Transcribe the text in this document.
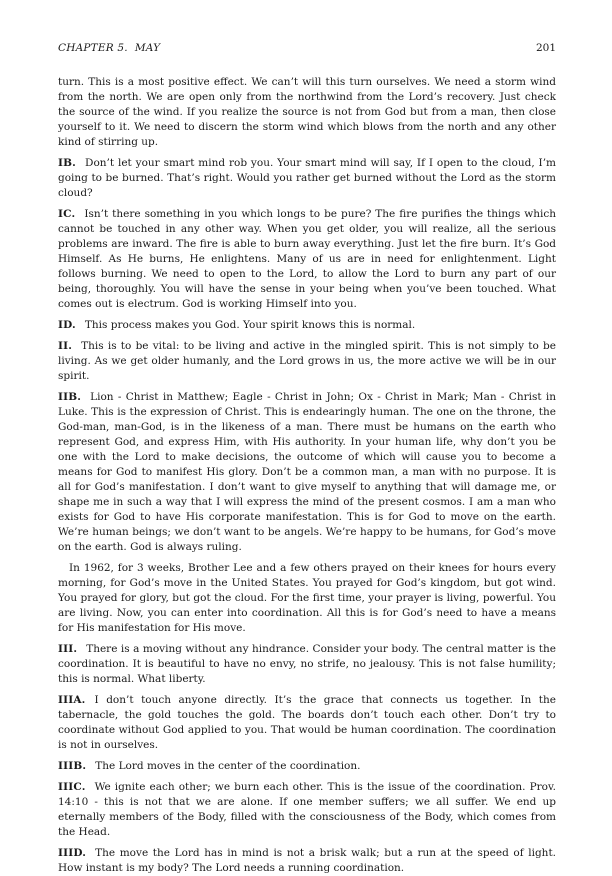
CHAPTER 5.  MAY	201

turn. This is a most positive effect. We can’t will this turn ourselves. We need a storm wind from the north. We are open only from the northwind from the Lord’s recovery. Just check the source of the wind. If you realize the source is not from God but from a man, then close yourself to it. We need to discern the storm wind which blows from the north and any other kind of stirring up.

IB. Don’t let your smart mind rob you. Your smart mind will say, If I open to the cloud, I’m going to be burned. That’s right. Would you rather get burned without the Lord as the storm cloud?

IC. Isn’t there something in you which longs to be pure? The fire purifies the things which cannot be touched in any other way. When you get older, you will realize, all the serious problems are inward. The fire is able to burn away everything. Just let the fire burn. It’s God Himself. As He burns, He enlightens. Many of us are in need for enlightenment. Light follows burning. We need to open to the Lord, to allow the Lord to burn any part of our being, thoroughly. You will have the sense in your being when you’ve been touched. What comes out is electrum. God is working Himself into you.

ID. This process makes you God. Your spirit knows this is normal.

II. This is to be vital: to be living and active in the mingled spirit. This is not simply to be living. As we get older humanly, and the Lord grows in us, the more active we will be in our spirit.

IIB. Lion - Christ in Matthew; Eagle - Christ in John; Ox - Christ in Mark; Man - Christ in Luke. This is the expression of Christ. This is endearingly human. The one on the throne, the God-man, man-God, is in the likeness of a man. There must be humans on the earth who represent God, and express Him, with His authority. In your human life, why don’t you be one with the Lord to make decisions, the outcome of which will cause you to become a means for God to manifest His glory. Don’t be a common man, a man with no purpose. It is all for God’s manifestation. I don’t want to give myself to anything that will damage me, or shape me in such a way that I will express the mind of the present cosmos. I am a man who exists for God to have His corporate manifestation. This is for God to move on the earth. We’re human beings; we don’t want to be angels. We’re happy to be humans, for God’s move on the earth. God is always ruling.

In 1962, for 3 weeks, Brother Lee and a few others prayed on their knees for hours every morning, for God’s move in the United States. You prayed for God’s kingdom, but got wind. You prayed for glory, but got the cloud. For the first time, your prayer is living, powerful. You are living. Now, you can enter into coordination. All this is for God’s need to have a means for His manifestation for His move.

III. There is a moving without any hindrance. Consider your body. The central matter is the coordination. It is beautiful to have no envy, no strife, no jealousy. This is not false humility; this is normal. What liberty.

IIIA. I don’t touch anyone directly. It’s the grace that connects us together. In the tabernacle, the gold touches the gold. The boards don’t touch each other. Don’t try to coordinate without God applied to you. That would be human coordination. The coordination is not in ourselves.

IIIB. The Lord moves in the center of the coordination.

IIIC. We ignite each other; we burn each other. This is the issue of the coordination. Prov. 14:10 - this is not that we are alone. If one member suffers; we all suffer. We end up eternally members of the Body, filled with the consciousness of the Body, which comes from the Head.

IIID. The move the Lord has in mind is not a brisk walk; but a run at the speed of light. How instant is my body? The Lord needs a running coordination.
